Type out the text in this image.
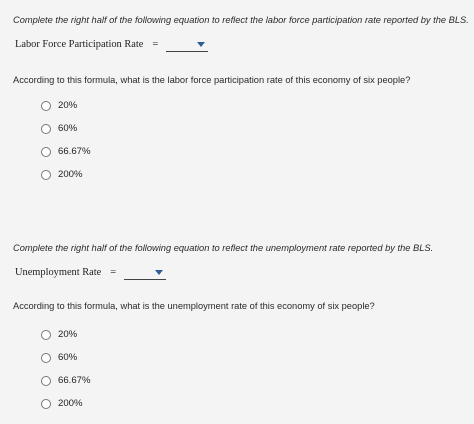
Complete the right half of the following equation to reflect the labor force participation rate reported by the BLS.
Labor Force Participation Rate =
According to this formula, what is the labor force participation rate of this economy of six people?
20%
60%
66.67%
200%
Complete the right half of the following equation to reflect the unemployment rate reported by the BLS.
Unemployment Rate =
According to this formula, what is the unemployment rate of this economy of six people?
20%
60%
66.67%
200%
